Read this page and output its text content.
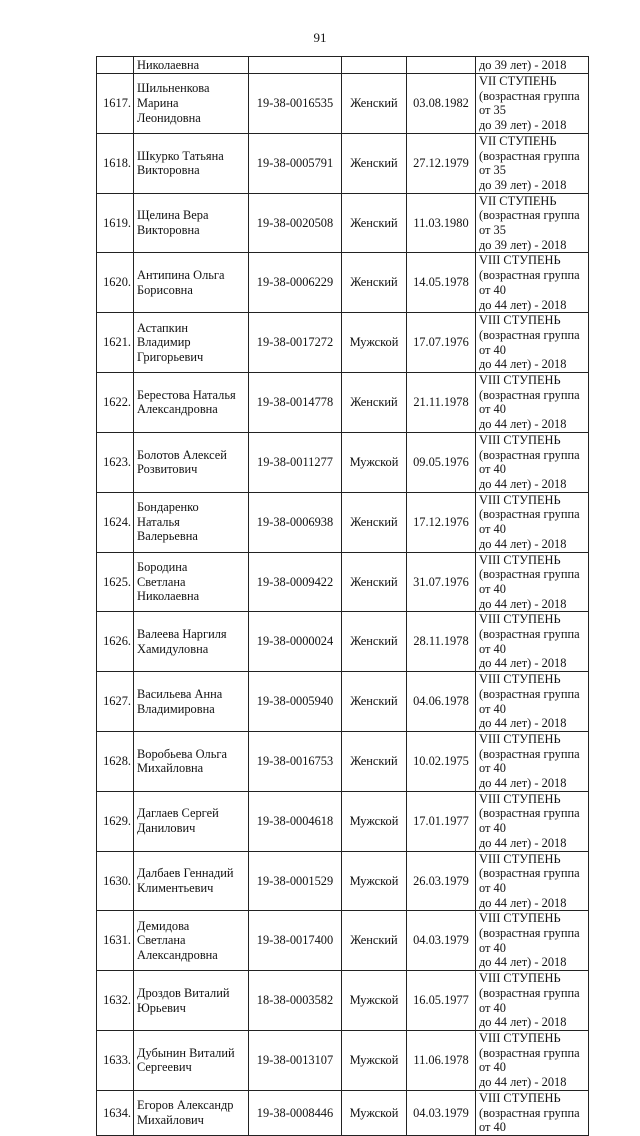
91

	Николаевна				до 39 лет) - 2018

1617.	Шильненкова
Марина
Леонидовна	19-38-0016535	Женский	03.08.1982	VII СТУПЕНЬ
(возрастная группа от 35
до 39 лет) - 2018

1618.	Шкурко Татьяна
Викторовна	19-38-0005791	Женский	27.12.1979	VII СТУПЕНЬ
(возрастная группа от 35
до 39 лет) - 2018

1619.	Щелина Вера
Викторовна	19-38-0020508	Женский	11.03.1980	VII СТУПЕНЬ
(возрастная группа от 35
до 39 лет) - 2018

1620.	Антипина Ольга
Борисовна	19-38-0006229	Женский	14.05.1978	VIII СТУПЕНЬ
(возрастная группа от 40
до 44 лет) - 2018

1621.	Астапкин
Владимир
Григорьевич	19-38-0017272	Мужской	17.07.1976	VIII СТУПЕНЬ
(возрастная группа от 40
до 44 лет) - 2018

1622.	Берестова Наталья
Александровна	19-38-0014778	Женский	21.11.1978	VIII СТУПЕНЬ
(возрастная группа от 40
до 44 лет) - 2018

1623.	Болотов Алексей
Розвитович	19-38-0011277	Мужской	09.05.1976	VIII СТУПЕНЬ
(возрастная группа от 40
до 44 лет) - 2018

1624.	Бондаренко
Наталья
Валерьевна	19-38-0006938	Женский	17.12.1976	VIII СТУПЕНЬ
(возрастная группа от 40
до 44 лет) - 2018

1625.	Бородина
Светлана
Николаевна	19-38-0009422	Женский	31.07.1976	VIII СТУПЕНЬ
(возрастная группа от 40
до 44 лет) - 2018

1626.	Валеева Наргиля
Хамидуловна	19-38-0000024	Женский	28.11.1978	VIII СТУПЕНЬ
(возрастная группа от 40
до 44 лет) - 2018

1627.	Васильева Анна
Владимировна	19-38-0005940	Женский	04.06.1978	VIII СТУПЕНЬ
(возрастная группа от 40
до 44 лет) - 2018

1628.	Воробьева Ольга
Михайловна	19-38-0016753	Женский	10.02.1975	VIII СТУПЕНЬ
(возрастная группа от 40
до 44 лет) - 2018

1629.	Даглаев Сергей
Данилович	19-38-0004618	Мужской	17.01.1977	VIII СТУПЕНЬ
(возрастная группа от 40
до 44 лет) - 2018

1630.	Далбаев Геннадий
Климентьевич	19-38-0001529	Мужской	26.03.1979	VIII СТУПЕНЬ
(возрастная группа от 40
до 44 лет) - 2018

1631.	Демидова
Светлана
Александровна	19-38-0017400	Женский	04.03.1979	VIII СТУПЕНЬ
(возрастная группа от 40
до 44 лет) - 2018

1632.	Дроздов Виталий
Юрьевич	18-38-0003582	Мужской	16.05.1977	VIII СТУПЕНЬ
(возрастная группа от 40
до 44 лет) - 2018

1633.	Дубынин Виталий
Сергеевич	19-38-0013107	Мужской	11.06.1978	VIII СТУПЕНЬ
(возрастная группа от 40
до 44 лет) - 2018

1634.	Егоров Александр
Михайлович	19-38-0008446	Мужской	04.03.1979	VIII СТУПЕНЬ
(возрастная группа от 40
